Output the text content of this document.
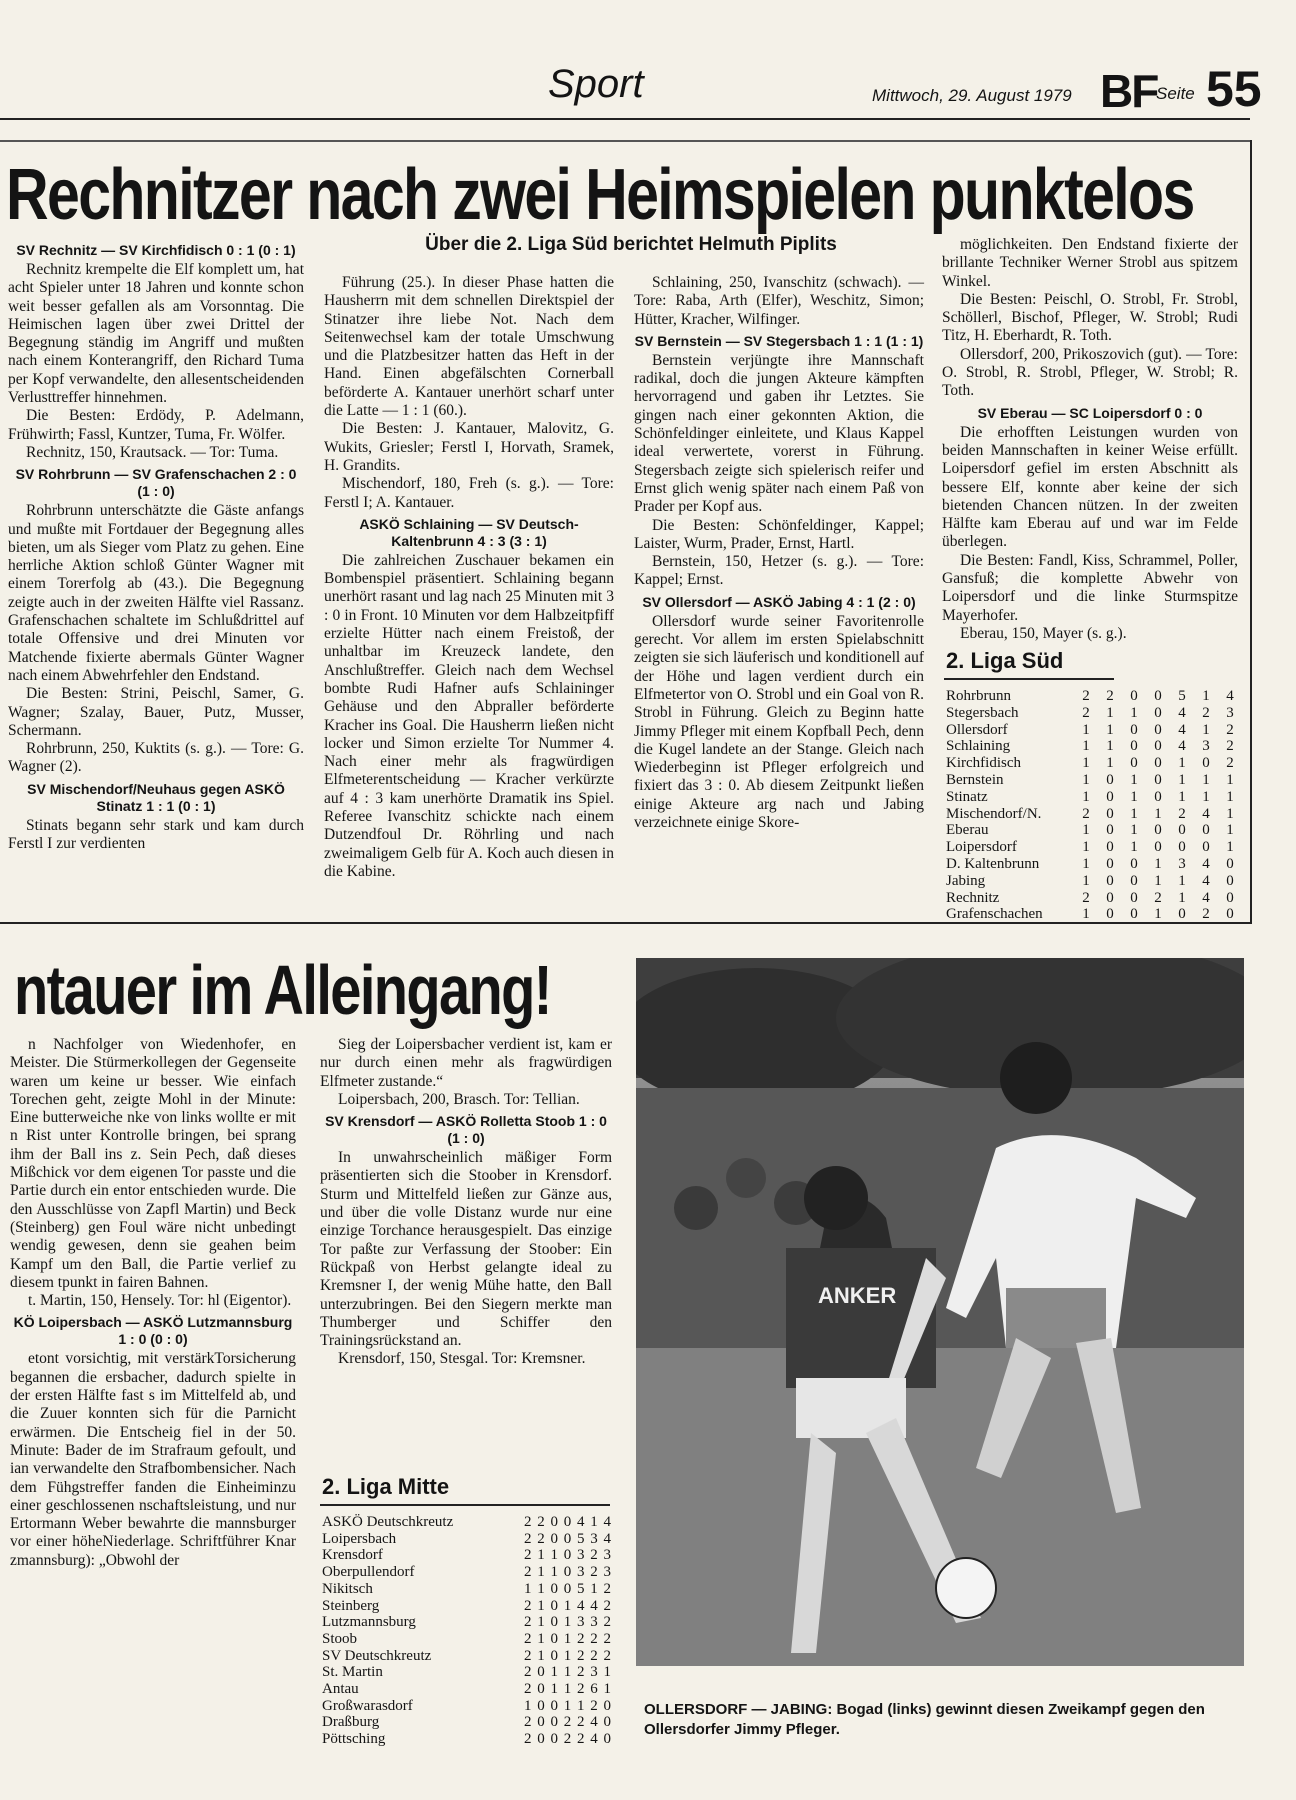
Sport	Mittwoch, 29. August 1979 BF
Seite 55
Rechnitzer nach zwei Heimspielen punktelos
Über die 2. Liga Süd berichtet Helmuth Piplits
SV Rechnitz — SV Kirchfidisch 0 : 1 (0 : 1)

Rechnitz krempelte die Elf komplett um, hat acht Spieler unter 18 Jahren und konnte schon weit besser gefallen als am Vorsonntag. Die Heimischen lagen über zwei Drittel der Begegnung ständig im Angriff und mußten nach einem Konterangriff, den Richard Tuma per Kopf verwandelte, den allesentscheidenden Verlusttreffer hinnehmen.

Die Besten: Erdödy, P. Adelmann, Frühwirth; Fassl, Kuntzer, Tuma, Fr. Wölfer.

Rechnitz, 150, Krautsack. — Tor: Tuma.

SV Rohrbrunn — SV Grafenschachen 2 : 0 (1 : 0)

Rohrbrunn unterschätzte die Gäste anfangs und mußte mit Fortdauer der Begegnung alles bieten, um als Sieger vom Platz zu gehen. Eine herrliche Aktion schloß Günter Wagner mit einem Torerfolg ab (43.). Die Begegnung zeigte auch in der zweiten Hälfte viel Rassanz. Grafenschachen schaltete im Schlußdrittel auf totale Offensive und drei Minuten vor Matchende fixierte abermals Günter Wagner nach einem Abwehrfehler den Endstand.

Die Besten: Strini, Peischl, Samer, G. Wagner; Szalay, Bauer, Putz, Musser, Schermann.

Rohrbrunn, 250, Kuktits (s. g.). — Tore: G. Wagner (2).

SV Mischendorf/Neuhaus gegen ASKÖ Stinatz 1 : 1 (0 : 1)

Stinats begann sehr stark und kam durch Ferstl I zur verdienten

Führung (25.). In dieser Phase hatten die Hausherrn mit dem schnellen Direktspiel der Stinatzer ihre liebe Not. Nach dem Seitenwechsel kam der totale Umschwung und die Platzbesitzer hatten das Heft in der Hand. Einen abgefälschten Cornerball beförderte A. Kantauer unerhört scharf unter die Latte — 1 : 1 (60.).

Die Besten: J. Kantauer, Malovitz, G. Wukits, Griesler; Ferstl I, Horvath, Sramek, H. Grandits.

Mischendorf, 180, Freh (s. g.). — Tore: Ferstl I; A. Kantauer.

ASKÖ Schlaining — SV Deutsch-Kaltenbrunn 4 : 3 (3 : 1)

Die zahlreichen Zuschauer bekamen ein Bombenspiel präsentiert. Schlaining begann unerhört rasant und lag nach 25 Minuten mit 3 : 0 in Front. 10 Minuten vor dem Halbzeitpfiff erzielte Hütter nach einem Freistoß, der unhaltbar im Kreuzeck landete, den Anschlußtreffer. Gleich nach dem Wechsel bombte Rudi Hafner aufs Schlaininger Gehäuse und den Abpraller beförderte Kracher ins Goal. Die Hausherrn ließen nicht locker und Simon erzielte Tor Nummer 4. Nach einer mehr als fragwürdigen Elfmeterentscheidung — Kracher verkürzte auf 4 : 3 kam unerhörte Dramatik ins Spiel. Referee Ivanschitz schickte nach einem Dutzendfoul Dr. Röhrling und nach zweimaligem Gelb für A. Koch auch diesen in die Kabine.

Schlaining, 250, Ivanschitz (schwach). — Tore: Raba, Arth (Elfer), Weschitz, Simon; Hütter, Kracher, Wilfinger.

SV Bernstein — SV Stegersbach 1 : 1 (1 : 1)

Bernstein verjüngte ihre Mannschaft radikal, doch die jungen Akteure kämpften hervorragend und gaben ihr Letztes. Sie gingen nach einer gekonnten Aktion, die Schönfeldinger einleitete, und Klaus Kappel ideal verwertete, vorerst in Führung. Stegersbach zeigte sich spielerisch reifer und Ernst glich wenig später nach einem Paß von Prader per Kopf aus.

Die Besten: Schönfeldinger, Kappel; Laister, Wurm, Prader, Ernst, Hartl.

Bernstein, 150, Hetzer (s. g.). — Tore: Kappel; Ernst.

SV Ollersdorf — ASKÖ Jabing 4 : 1 (2 : 0)

Ollersdorf wurde seiner Favoritenrolle gerecht. Vor allem im ersten Spielabschnitt zeigten sie sich läuferisch und konditionell auf der Höhe und lagen verdient durch ein Elfmetertor von O. Strobl und ein Goal von R. Strobl in Führung. Gleich zu Beginn hatte Jimmy Pfleger mit einem Kopfball Pech, denn die Kugel landete an der Stange. Gleich nach Wiederbeginn ist Pfleger erfolgreich und fixiert das 3 : 0. Ab diesem Zeitpunkt ließen einige Akteure arg nach und Jabing verzeichnete einige Skore-

möglichkeiten. Den Endstand fixierte der brillante Techniker Werner Strobl aus spitzem Winkel.

Die Besten: Peischl, O. Strobl, Fr. Strobl, Schöllerl, Bischof, Pfleger, W. Strobl; Rudi Titz, H. Eberhardt, R. Toth.

Ollersdorf, 200, Prikoszovich (gut). — Tore: O. Strobl, R. Strobl, Pfleger, W. Strobl; R. Toth.

SV Eberau — SC Loipersdorf 0 : 0

Die erhofften Leistungen wurden von beiden Mannschaften in keiner Weise erfüllt. Loipersdorf gefiel im ersten Abschnitt als bessere Elf, konnte aber keine der sich bietenden Chancen nützen. In der zweiten Hälfte kam Eberau auf und war im Felde überlegen.

Die Besten: Fandl, Kiss, Schrammel, Poller, Gansfuß; die komplette Abwehr von Loipersdorf und die linke Sturmspitze Mayerhofer.

Eberau, 150, Mayer (s. g.).

2. Liga Süd
Rohrbrunn	2	2	0	0	5	1	4
Stegersbach	2	1	1	0	4	2	3
Ollersdorf	1	1	0	0	4	1	2
Schlaining	1	1	0	0	4	3	2
Kirchfidisch	1	1	0	0	1	0	2
Bernstein	1	0	1	0	1	1	1
Stinatz	1	0	1	0	1	1	1
Mischendorf/N.	2	0	1	1	2	4	1
Eberau	1	0	1	0	0	0	1
Loipersdorf	1	0	1	0	0	0	1
D. Kaltenbrunn	1	0	0	1	3	4	0
Jabing	1	0	0	1	1	4	0
Rechnitz	2	0	0	2	1	4	0
Grafenschachen	1	0	0	1	0	2	0
ntauer im Alleingang!

n Nachfolger von Wiedenhofer, en Meister. Die Stürmerkollegen der Gegenseite waren um keine ur besser. Wie einfach Torechen geht, zeigte Mohl in der Minute: Eine butterweiche nke von links wollte er mit n Rist unter Kontrolle bringen, bei sprang ihm der Ball ins z. Sein Pech, daß dieses Mißchick vor dem eigenen Tor passte und die Partie durch ein entor entschieden wurde. Die den Ausschlüsse von Zapfl Martin) und Beck (Steinberg) gen Foul wäre nicht unbedingt wendig gewesen, denn sie geahen beim Kampf um den Ball, die Partie verlief zu diesem tpunkt in fairen Bahnen.

t. Martin, 150, Hensely. Tor: hl (Eigentor).

KÖ Loipersbach — ASKÖ Lutzmannsburg 1 : 0 (0 : 0)

etont vorsichtig, mit verstärkTorsicherung begannen die ersbacher, dadurch spielte in der ersten Hälfte fast s im Mittelfeld ab, und die Zuuer konnten sich für die Parnicht erwärmen. Die Entscheig fiel in der 50. Minute: Bader de im Strafraum gefoult, und ian verwandelte den Strafbombensicher. Nach dem Fühgstreffer fanden die Einheiminzu einer geschlossenen nschaftsleistung, und nur Ertormann Weber bewahrte die mannsburger vor einer höheNiederlage. Schriftführer Knar zmannsburg): „Obwohl der

Sieg der Loipersbacher verdient ist, kam er nur durch einen mehr als fragwürdigen Elfmeter zustande.“

Loipersbach, 200, Brasch. Tor: Tellian.

SV Krensdorf — ASKÖ Rolletta Stoob 1 : 0 (1 : 0)

In unwahrscheinlich mäßiger Form präsentierten sich die Stoober in Krensdorf. Sturm und Mittelfeld ließen zur Gänze aus, und über die volle Distanz wurde nur eine einzige Torchance herausgespielt. Das einzige Tor paßte zur Verfassung der Stoober: Ein Rückpaß von Herbst gelangte ideal zu Kremsner I, der wenig Mühe hatte, den Ball unterzubringen. Bei den Siegern merkte man Thumberger und Schiffer den Trainingsrückstand an.

Krensdorf, 150, Stesgal. Tor: Kremsner.

2. Liga Mitte
ASKÖ Deutschkreutz	2 2 0 0 4 1 4
Loipersbach	2 2 0 0 5 3 4
Krensdorf	2 1 1 0 3 2 3
Oberpullendorf	2 1 1 0 3 2 3
Nikitsch	1 1 0 0 5 1 2
Steinberg	2 1 0 1 4 4 2
Lutzmannsburg	2 1 0 1 3 3 2
Stoob	2 1 0 1 2 2 2
SV Deutschkreutz	2 1 0 1 2 2 2
St. Martin	2 0 1 1 2 3 1
Antau	2 0 1 1 2 6 1
Großwarasdorf	1 0 0 1 1 2 0
Draßburg	2 0 0 2 2 4 0
Pöttsching	2 0 0 2 2 4 0
ANKER
OLLERSDORF — JABING: Bogad (links) gewinnt diesen Zweikampf gegen den Ollersdorfer Jimmy Pfleger.
